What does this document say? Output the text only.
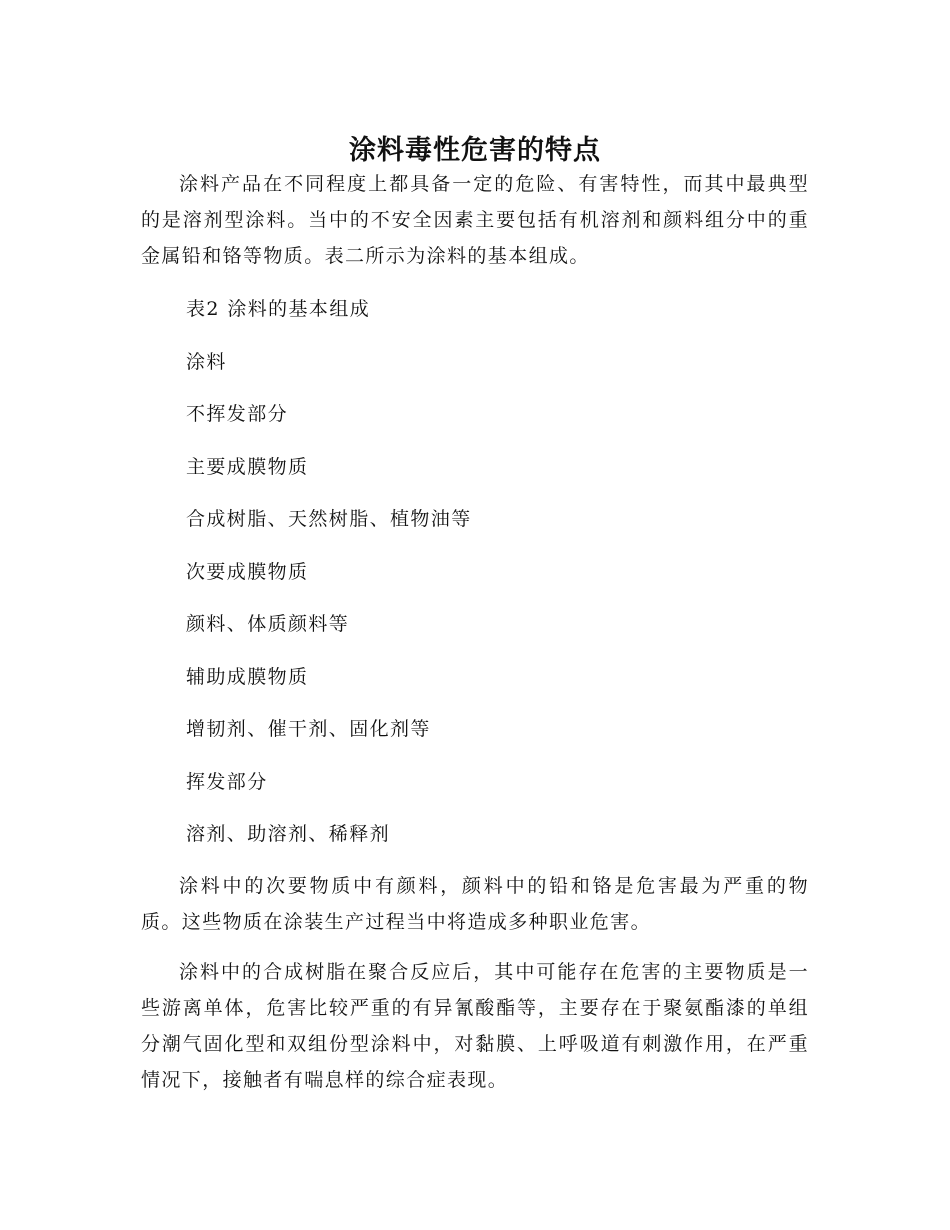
涂料毒性危害的特点

涂料产品在不同程度上都具备一定的危险、有害特性，而其中最典型的是溶剂型涂料。当中的不安全因素主要包括有机溶剂和颜料组分中的重金属铅和铬等物质。表二所示为涂料的基本组成。

表2 涂料的基本组成

涂料

不挥发部分

主要成膜物质

合成树脂、天然树脂、植物油等

次要成膜物质

颜料、体质颜料等

辅助成膜物质

增韧剂、催干剂、固化剂等

挥发部分

溶剂、助溶剂、稀释剂

涂料中的次要物质中有颜料，颜料中的铅和铬是危害最为严重的物质。这些物质在涂装生产过程当中将造成多种职业危害。

涂料中的合成树脂在聚合反应后，其中可能存在危害的主要物质是一些游离单体，危害比较严重的有异氰酸酯等，主要存在于聚氨酯漆的单组分潮气固化型和双组份型涂料中，对黏膜、上呼吸道有刺激作用，在严重情况下，接触者有喘息样的综合症表现。
